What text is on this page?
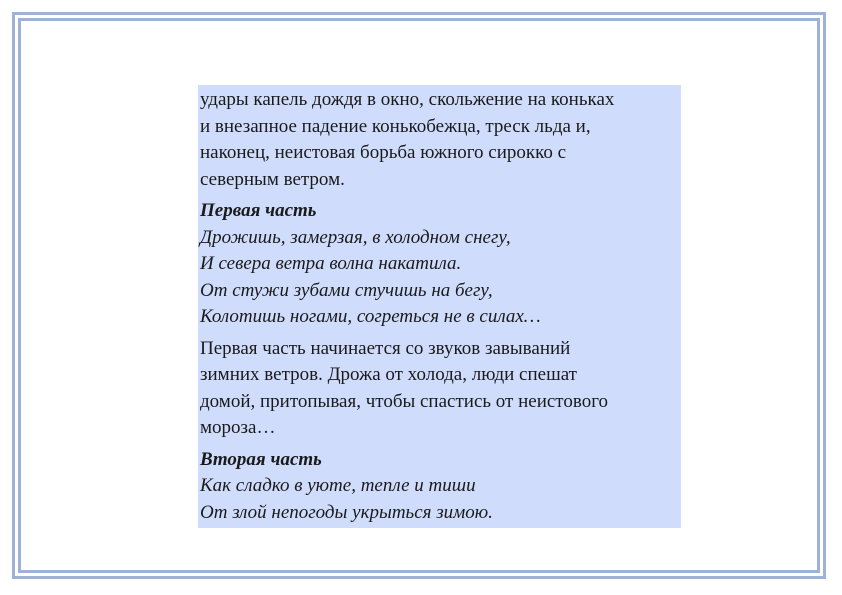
удары капель дождя в окно, скольжение на коньках
и внезапное падение конькобежца, треск льда и,
наконец, неистовая борьба южного сирокко с
северным ветром.
Первая часть
Дрожишь, замерзая, в холодном снегу,
И севера ветра волна накатила.
От стужи зубами стучишь на бегу,
Колотишь ногами, согреться не в силах…
Первая часть начинается со звуков завываний
зимних ветров. Дрожа от холода, люди спешат
домой, притопывая, чтобы спастись от неистового
мороза…
Вторая часть
Как сладко в уюте, тепле и тиши
От злой непогоды укрыться зимою.
